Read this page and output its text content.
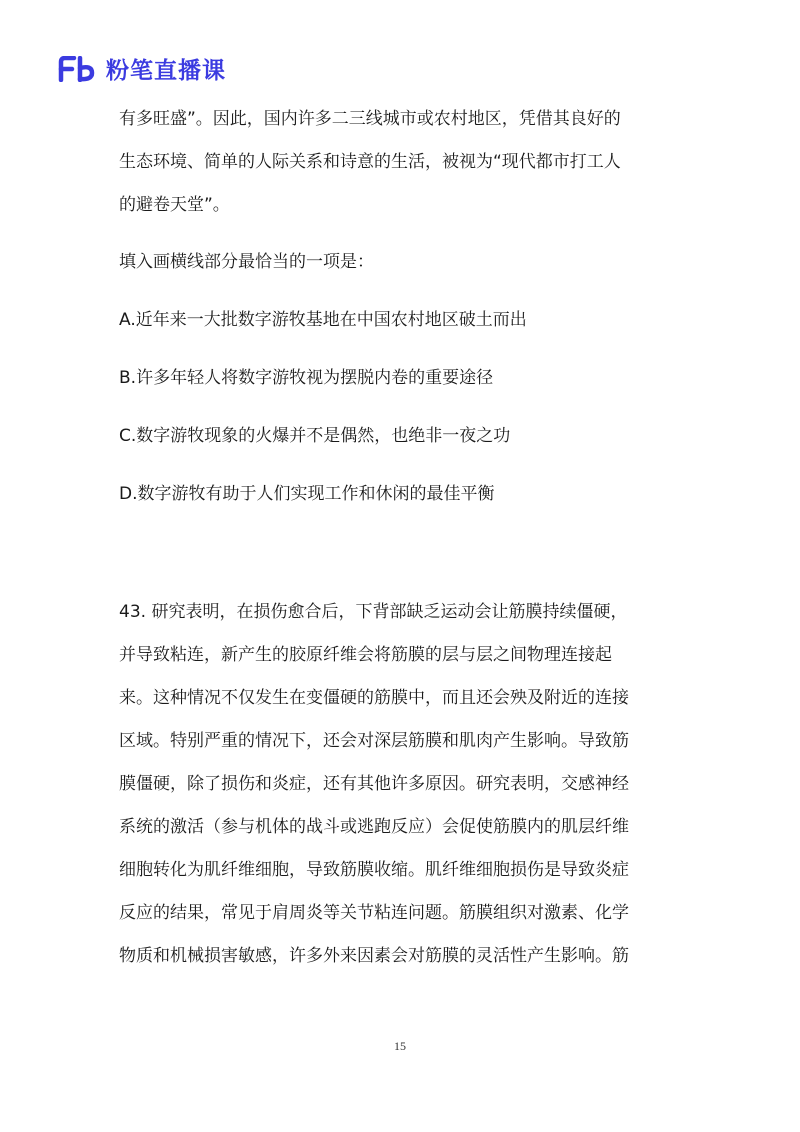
粉笔直播课
有多旺盛”。因此，国内许多二三线城市或农村地区，凭借其良好的
生态环境、简单的人际关系和诗意的生活，被视为“现代都市打工人
的避卷天堂”。
填入画横线部分最恰当的一项是：
A.近年来一大批数字游牧基地在中国农村地区破土而出
B.许多年轻人将数字游牧视为摆脱内卷的重要途径
C.数字游牧现象的火爆并不是偶然，也绝非一夜之功
D.数字游牧有助于人们实现工作和休闲的最佳平衡
43. 研究表明，在损伤愈合后，下背部缺乏运动会让筋膜持续僵硬，
并导致粘连，新产生的胶原纤维会将筋膜的层与层之间物理连接起
来。这种情况不仅发生在变僵硬的筋膜中，而且还会殃及附近的连接
区域。特别严重的情况下，还会对深层筋膜和肌肉产生影响。导致筋
膜僵硬，除了损伤和炎症，还有其他许多原因。研究表明，交感神经
系统的激活（参与机体的战斗或逃跑反应）会促使筋膜内的肌层纤维
细胞转化为肌纤维细胞，导致筋膜收缩。肌纤维细胞损伤是导致炎症
反应的结果，常见于肩周炎等关节粘连问题。筋膜组织对激素、化学
物质和机械损害敏感，许多外来因素会对筋膜的灵活性产生影响。筋
15
